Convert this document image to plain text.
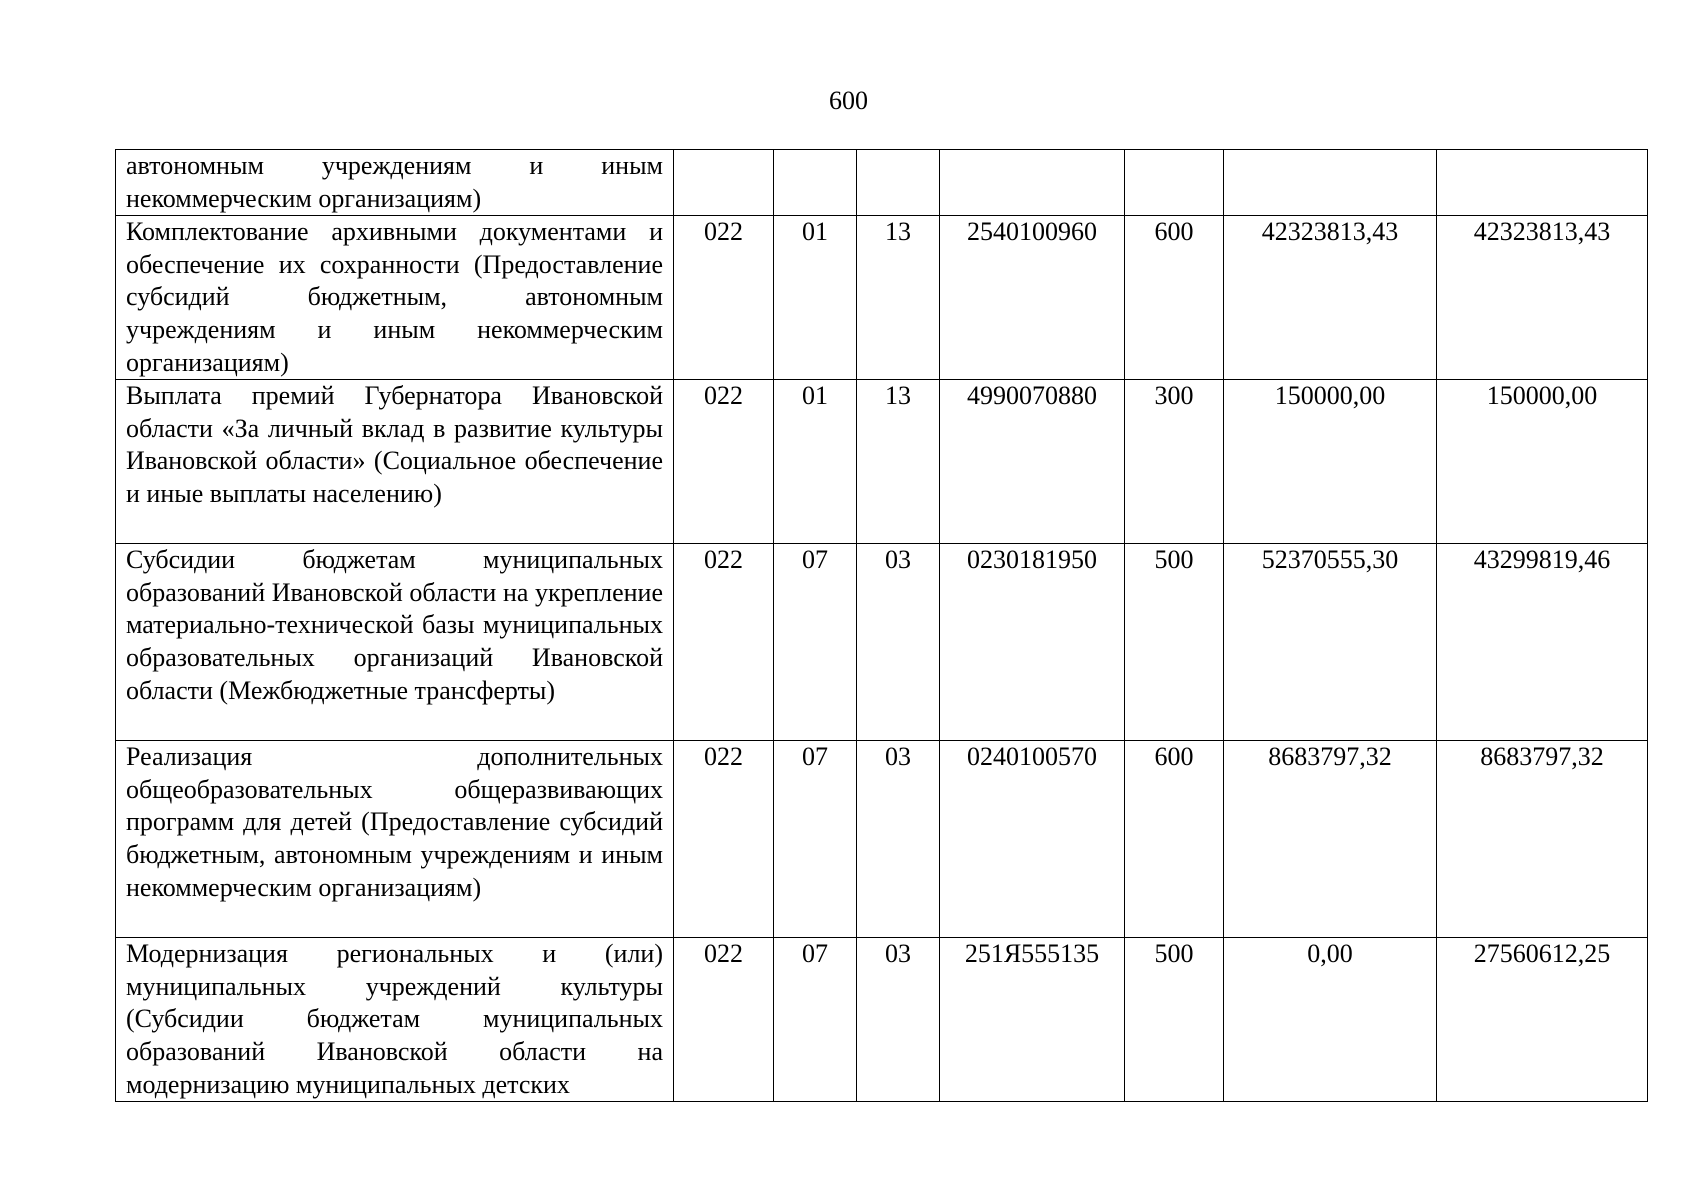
600
автономным учреждениям и иным некоммерческим организациям)							
Комплектование архивными документами и обеспечение их сохранности (Предоставление субсидий бюджетным, автономным учреждениям и иным некоммерческим организациям)	022	01	13	2540100960	600	42323813,43	42323813,43
Выплата премий Губернатора Ивановской области «За личный вклад в развитие культуры Ивановской области» (Социальное обеспечение и иные выплаты населению)	022	01	13	4990070880	300	150000,00	150000,00
Субсидии бюджетам муниципальных образований Ивановской области на укрепление материально-технической базы муниципальных образовательных организаций Ивановской области (Межбюджетные трансферты)	022	07	03	0230181950	500	52370555,30	43299819,46
Реализация дополнительных общеобразовательных общеразвивающих программ для детей (Предоставление субсидий бюджетным, автономным учреждениям и иным некоммерческим организациям)	022	07	03	0240100570	600	8683797,32	8683797,32
Модернизация региональных и (или) муниципальных учреждений культуры (Субсидии бюджетам муниципальных образований Ивановской области на модернизацию муниципальных детских	022	07	03	251Я555135	500	0,00	27560612,25
